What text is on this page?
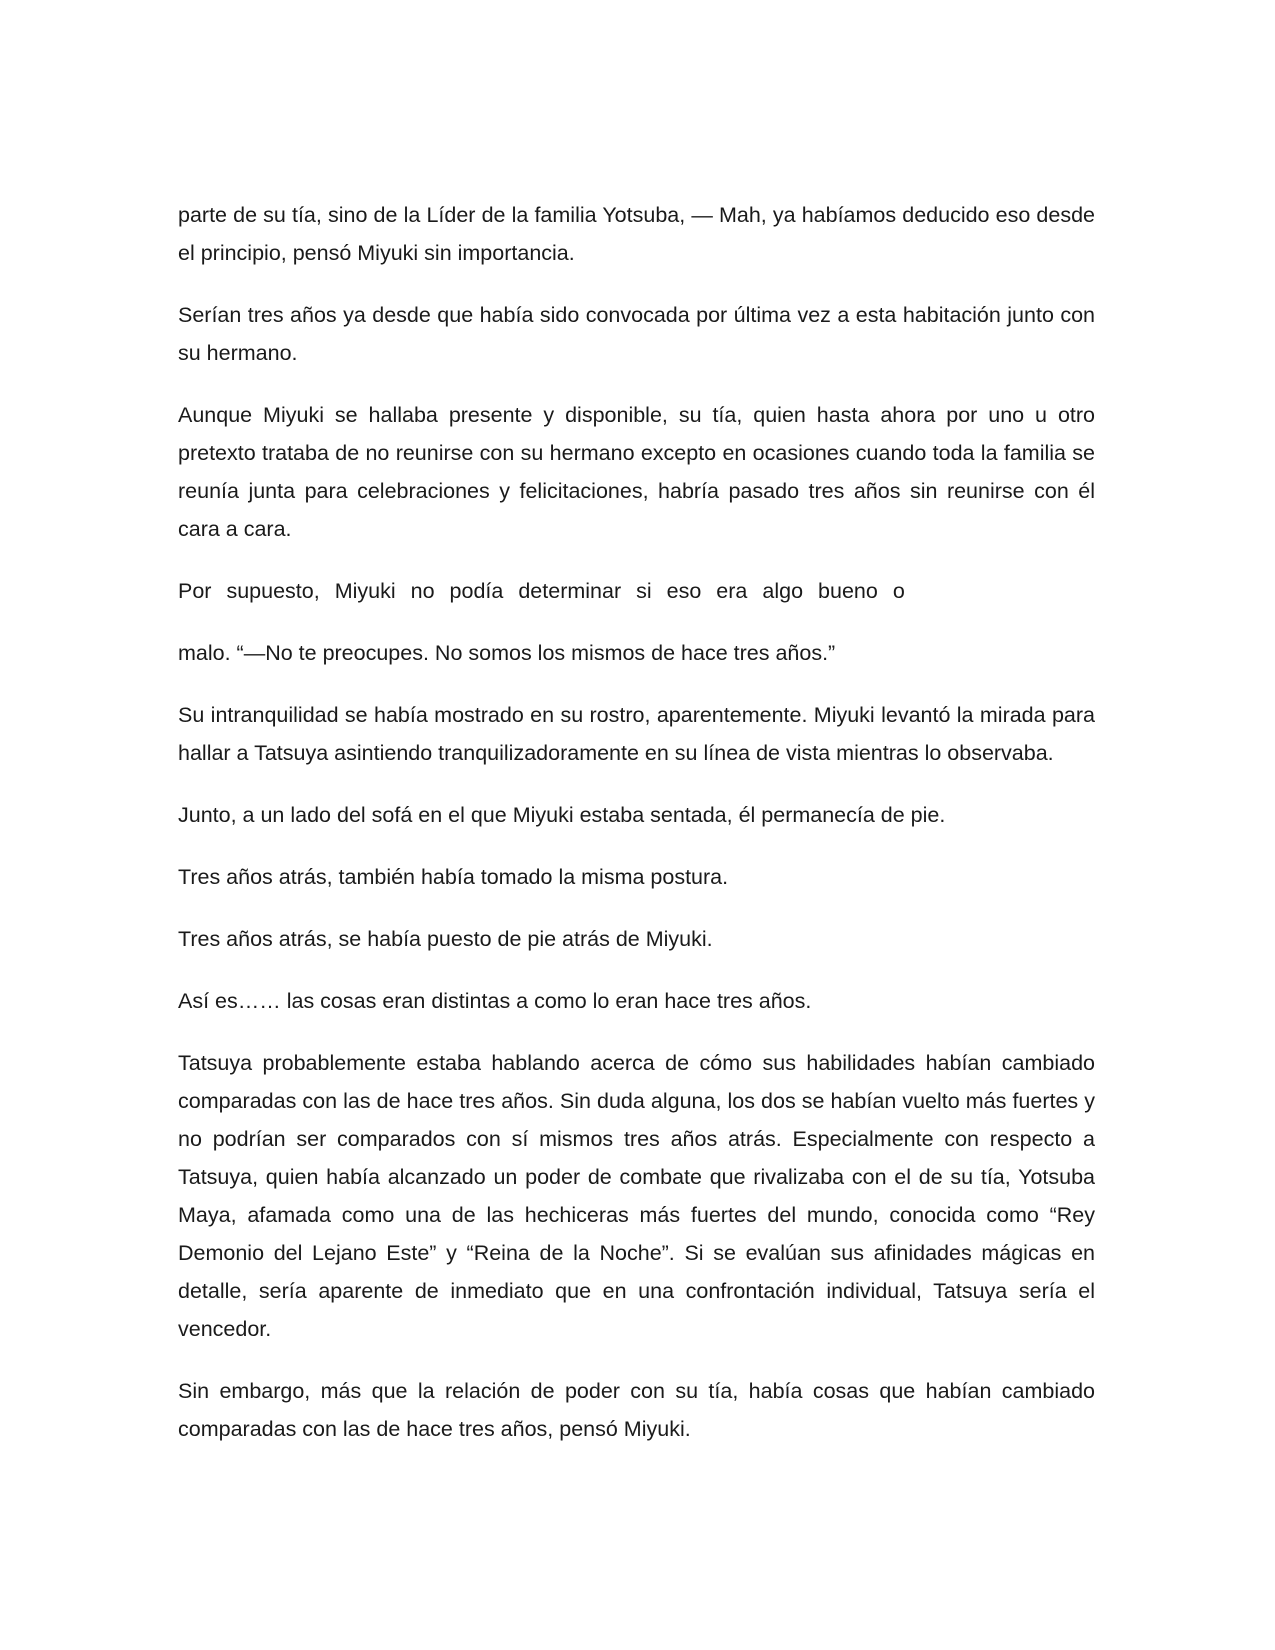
parte de su tía, sino de la Líder de la familia Yotsuba, — Mah, ya habíamos deducido eso desde el principio, pensó Miyuki sin importancia.

Serían tres años ya desde que había sido convocada por última vez a esta habitación junto con su hermano.

Aunque Miyuki se hallaba presente y disponible, su tía, quien hasta ahora por uno u otro pretexto trataba de no reunirse con su hermano excepto en ocasiones cuando toda la familia se reunía junta para celebraciones y felicitaciones, habría pasado tres años sin reunirse con él cara a cara.

Por supuesto, Miyuki no podía determinar si eso era algo bueno o

malo. “—No te preocupes. No somos los mismos de hace tres años.”

Su intranquilidad se había mostrado en su rostro, aparentemente. Miyuki levantó la mirada para hallar a Tatsuya asintiendo tranquilizadoramente en su línea de vista mientras lo observaba.

Junto, a un lado del sofá en el que Miyuki estaba sentada, él permanecía de pie.

Tres años atrás, también había tomado la misma postura.

Tres años atrás, se había puesto de pie atrás de Miyuki.

Así es…… las cosas eran distintas a como lo eran hace tres años.

Tatsuya probablemente estaba hablando acerca de cómo sus habilidades habían cambiado comparadas con las de hace tres años. Sin duda alguna, los dos se habían vuelto más fuertes y no podrían ser comparados con sí mismos tres años atrás. Especialmente con respecto a Tatsuya, quien había alcanzado un poder de combate que rivalizaba con el de su tía, Yotsuba Maya, afamada como una de las hechiceras más fuertes del mundo, conocida como “Rey Demonio del Lejano Este” y “Reina de la Noche”. Si se evalúan sus afinidades mágicas en detalle, sería aparente de inmediato que en una confrontación individual, Tatsuya sería el vencedor.

Sin embargo, más que la relación de poder con su tía, había cosas que habían cambiado comparadas con las de hace tres años, pensó Miyuki.
